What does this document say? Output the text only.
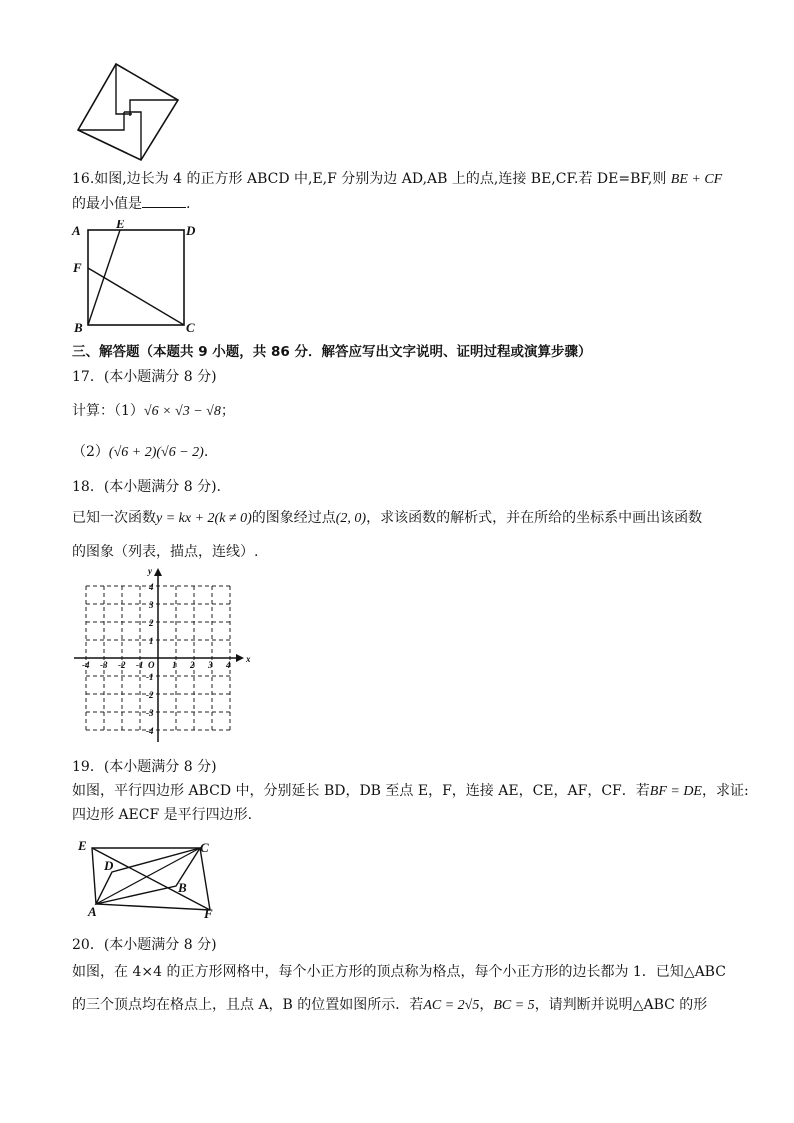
16.如图,边长为 4 的正方形 ABCD 中,E,F 分别为边 AD,AB 上的点,连接 BE,CF.若 DE=BF,则 BE + CF
的最小值是	.
A	E	D
F
B	C
三、解答题（本题共 9 小题，共 86 分．解答应写出文字说明、证明过程或演算步骤）
17．(本小题满分 8 分)
计算：（1）√6 × √3 − √8；
（2）(√6 + 2)(√6 − 2).
18．(本小题满分 8 分).
已知一次函数y = kx + 2(k ≠ 0)的图象经过点(2, 0)，求该函数的解析式，并在所给的坐标系中画出该函数
的图象（列表，描点，连线）.
x
y
O
-4 -3 -2 -1	1 2 3 4
4
3
2
1
-1
-2
-3
-4
19．(本小题满分 8 分)
如图，平行四边形 ABCD 中，分别延长 BD，DB 至点 E，F，连接 AE，CE，AF，CF．若BF = DE，求证:
四边形 AECF 是平行四边形.
E	C
D
B
A	F
20．(本小题满分 8 分)
如图，在 4×4 的正方形网格中，每个小正方形的顶点称为格点，每个小正方形的边长都为 1．已知△ABC
的三个顶点均在格点上，且点 A，B 的位置如图所示．若AC = 2√5，BC = 5，请判断并说明△ABC 的形
